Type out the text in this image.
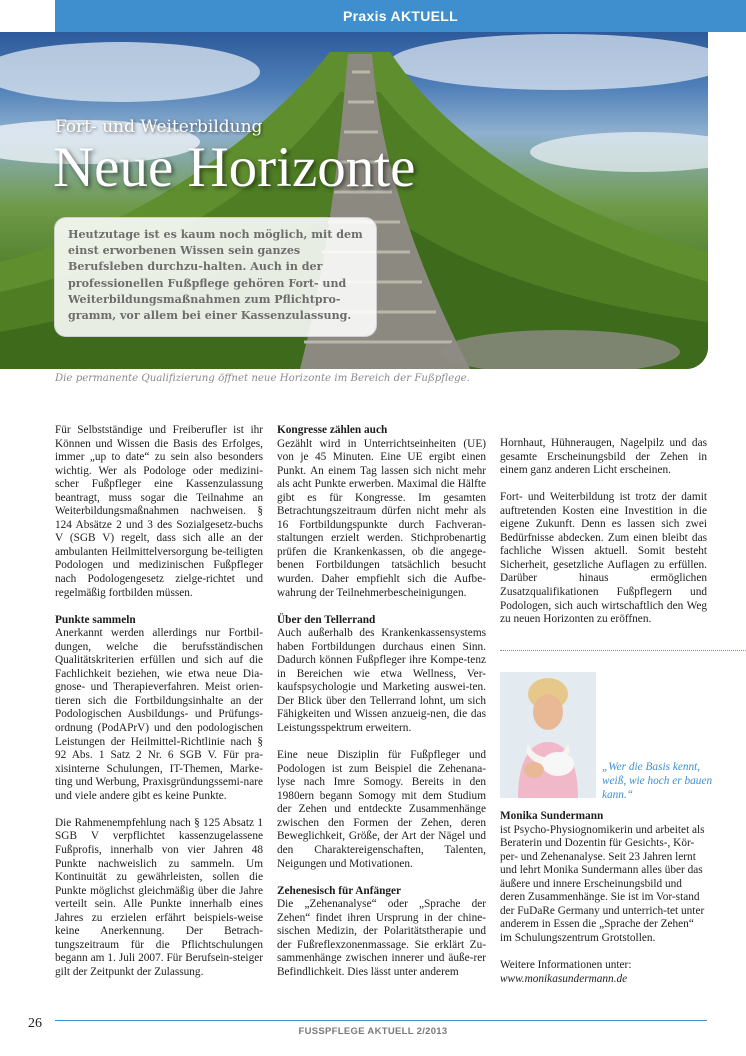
Praxis AKTUELL
Fort- und Weiterbildung
Neue Horizonte
Heutzutage ist es kaum noch möglich, mit dem einst erworbenen Wissen sein ganzes Berufsleben durchzu-halten. Auch in der professionellen Fußpflege gehören Fort- und Weiterbildungsmaßnahmen zum Pflichtpro-gramm, vor allem bei einer Kassenzulassung.
Die permanente Qualifizierung öffnet neue Horizonte im Bereich der Fußpflege.

Für Selbstständige und Freiberufler ist ihr Können und Wissen die Basis des Erfolges, immer „up to date“ zu sein also besonders wichtig. Wer als Podologe oder medizini-scher Fußpfleger eine Kassenzulassung beantragt, muss sogar die Teilnahme an Weiterbildungsmaßnahmen nachweisen. § 124 Absätze 2 und 3 des Sozialgesetz-buchs V (SGB V) regelt, dass sich alle an der ambulanten Heilmittelversorgung be-teiligten Podologen und medizinischen Fußpfleger nach Podologengesetz zielge-richtet und regelmäßig fortbilden müssen.

Punkte sammeln

Anerkannt werden allerdings nur Fortbil-dungen, welche die berufsständischen Qualitätskriterien erfüllen und sich auf die Fachlichkeit beziehen, wie etwa neue Dia-gnose- und Therapieverfahren. Meist orien-tieren sich die Fortbildungsinhalte an der Podologischen Ausbildungs- und Prüfungs-ordnung (PodAPrV) und den podologischen Leistungen der Heilmittel-Richtlinie nach § 92 Abs. 1 Satz 2 Nr. 6 SGB V. Für pra-xisinterne Schulungen, IT-Themen, Marke-ting und Werbung, Praxisgründungssemi-nare und viele andere gibt es keine Punkte.

Die Rahmenempfehlung nach § 125 Absatz 1 SGB V verpflichtet kassenzugelassene Fußprofis, innerhalb von vier Jahren 48 Punkte nachweislich zu sammeln. Um Kontinuität zu gewährleisten, sollen die Punkte möglichst gleichmäßig über die Jahre verteilt sein. Alle Punkte innerhalb eines Jahres zu erzielen erfährt beispiels-weise keine Anerkennung. Der Betrach-tungszeitraum für die Pflichtschulungen begann am 1. Juli 2007. Für Berufsein-steiger gilt der Zeitpunkt der Zulassung.

Kongresse zählen auch

Gezählt wird in Unterrichtseinheiten (UE) von je 45 Minuten. Eine UE ergibt einen Punkt. An einem Tag lassen sich nicht mehr als acht Punkte erwerben. Maximal die Hälfte gibt es für Kongresse. Im gesamten Betrachtungszeitraum dürfen nicht mehr als 16 Fortbildungspunkte durch Fachveran-staltungen erzielt werden. Stichprobenartig prüfen die Krankenkassen, ob die angege-benen Fortbildungen tatsächlich besucht wurden. Daher empfiehlt sich die Aufbe-wahrung der Teilnehmerbescheinigungen.

Über den Tellerrand

Auch außerhalb des Krankenkassensystems haben Fortbildungen durchaus einen Sinn. Dadurch können Fußpfleger ihre Kompe-tenz in Bereichen wie etwa Wellness, Ver-kaufspsychologie und Marketing auswei-ten. Der Blick über den Tellerrand lohnt, um sich Fähigkeiten und Wissen anzueig-nen, die das Leistungsspektrum erweitern.

Eine neue Disziplin für Fußpfleger und Podologen ist zum Beispiel die Zehenana-lyse nach Imre Somogy. Bereits in den 1980ern begann Somogy mit dem Studium der Zehen und entdeckte Zusammenhänge zwischen den Formen der Zehen, deren Beweglichkeit, Größe, der Art der Nägel und den Charaktereigenschaften, Talenten, Neigungen und Motivationen.

Zehenesisch für Anfänger

Die „Zehenanalyse“ oder „Sprache der Zehen“ findet ihren Ursprung in der chine-sischen Medizin, der Polaritätstherapie und der Fußreflexzonenmassage. Sie erklärt Zu-sammenhänge zwischen innerer und äuße-rer Befindlichkeit. Dies lässt unter anderem

Hornhaut, Hühneraugen, Nagelpilz und das gesamte Erscheinungsbild der Zehen in einem ganz anderen Licht erscheinen.

Fort- und Weiterbildung ist trotz der damit auftretenden Kosten eine Investition in die eigene Zukunft. Denn es lassen sich zwei Bedürfnisse abdecken. Zum einen bleibt das fachliche Wissen aktuell. Somit besteht Sicherheit, gesetzliche Auflagen zu erfüllen. Darüber hinaus ermöglichen Zusatzqualifikationen Fußpflegern und Podologen, sich auch wirtschaftlich den Weg zu neuen Horizonten zu eröffnen.

„Wer die Basis kennt, weiß, wie hoch er bauen kann.“

Monika Sundermann
ist Psycho-Physiognomikerin und arbeitet als Beraterin und Dozentin für Gesichts-, Kör-per- und Zehenanalyse. Seit 23 Jahren lernt und lehrt Monika Sundermann alles über das äußere und innere Erscheinungsbild und deren Zusammenhänge. Sie ist im Vor-stand der FuDaRe Germany und unterrich-tet unter anderem in Essen die „Sprache der Zehen“ im Schulungszentrum Grotstollen.

Weitere Informationen unter:
www.monikasundermann.de

26
FUSSPFLEGE AKTUELL 2/2013
